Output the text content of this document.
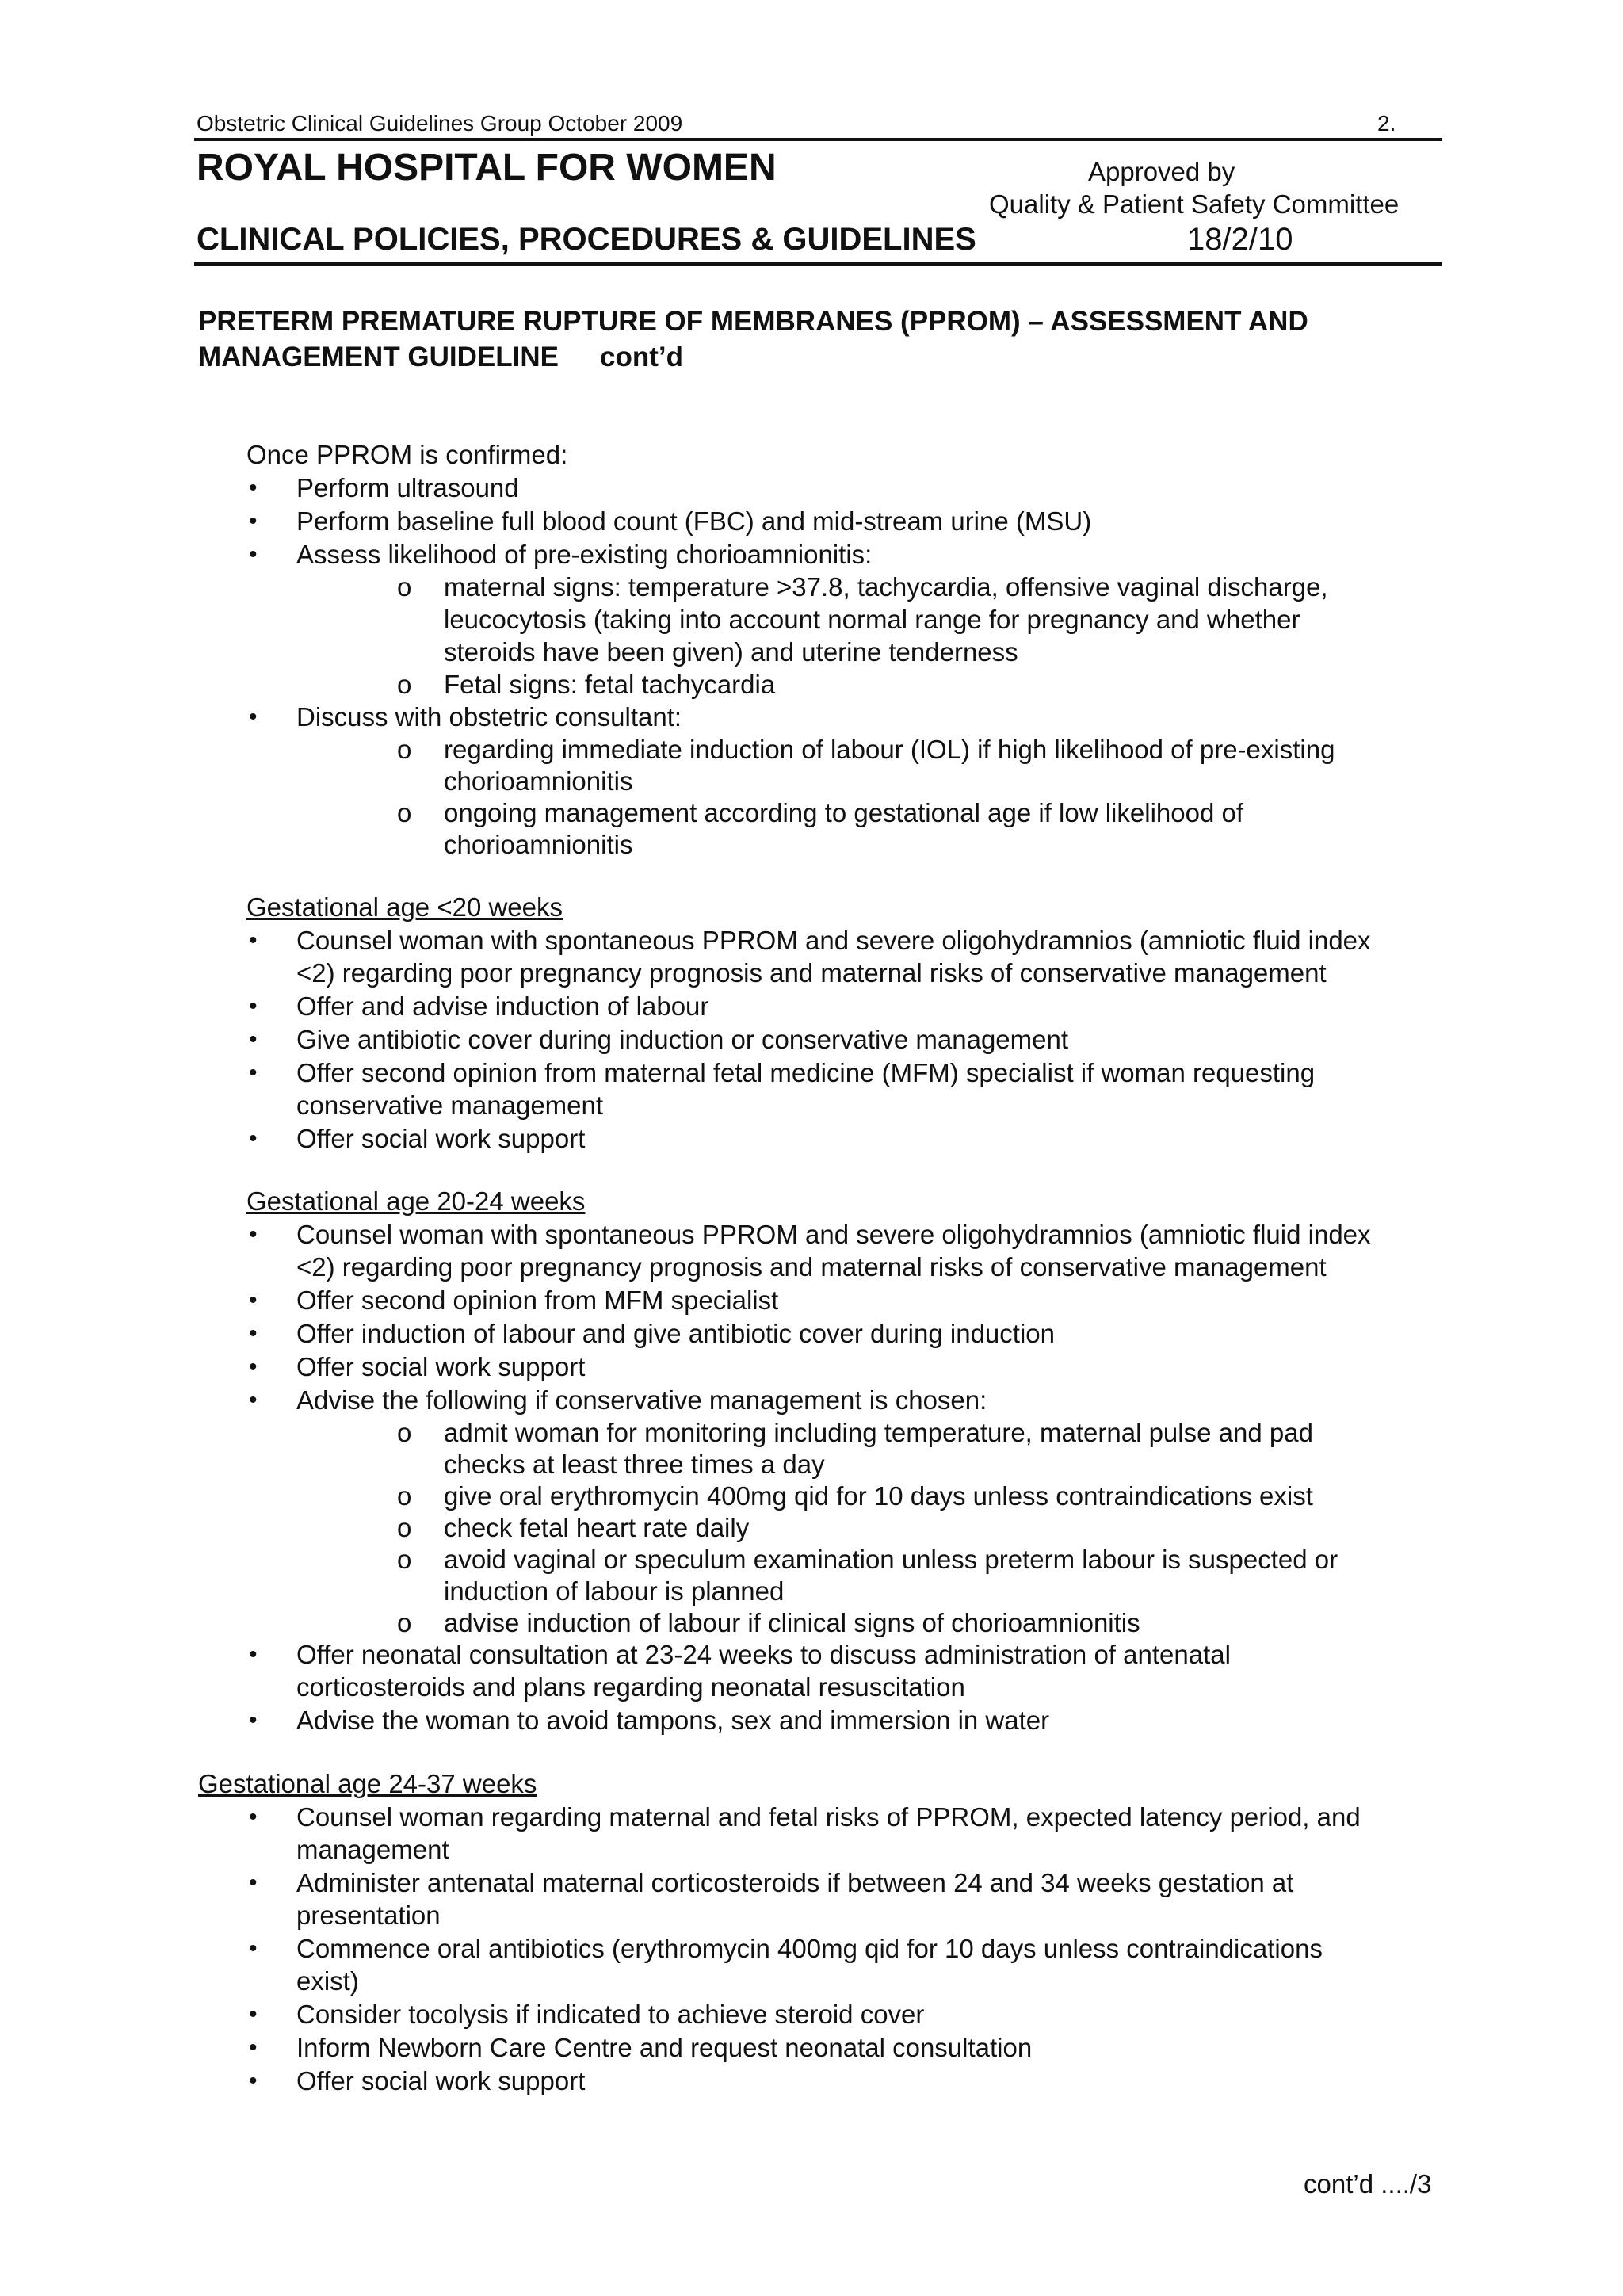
Obstetric Clinical Guidelines Group October 2009	2.
ROYAL HOSPITAL FOR WOMEN	Approved by
Quality & Patient Safety Committee
CLINICAL POLICIES, PROCEDURES & GUIDELINES	18/2/10
PRETERM PREMATURE RUPTURE OF MEMBRANES (PPROM) – ASSESSMENT AND
MANAGEMENT GUIDELINE cont’d
Once PPROM is confirmed:
• Perform ultrasound
• Perform baseline full blood count (FBC) and mid-stream urine (MSU)
• Assess likelihood of pre-existing chorioamnionitis:
o maternal signs: temperature >37.8, tachycardia, offensive vaginal discharge,
leucocytosis (taking into account normal range for pregnancy and whether
steroids have been given) and uterine tenderness
o Fetal signs: fetal tachycardia
• Discuss with obstetric consultant:
o regarding immediate induction of labour (IOL) if high likelihood of pre-existing
chorioamnionitis
o ongoing management according to gestational age if low likelihood of
chorioamnionitis
Gestational age <20 weeks
• Counsel woman with spontaneous PPROM and severe oligohydramnios (amniotic fluid index
<2) regarding poor pregnancy prognosis and maternal risks of conservative management
• Offer and advise induction of labour
• Give antibiotic cover during induction or conservative management
• Offer second opinion from maternal fetal medicine (MFM) specialist if woman requesting
conservative management
• Offer social work support
Gestational age 20-24 weeks
• Counsel woman with spontaneous PPROM and severe oligohydramnios (amniotic fluid index
<2) regarding poor pregnancy prognosis and maternal risks of conservative management
• Offer second opinion from MFM specialist
• Offer induction of labour and give antibiotic cover during induction
• Offer social work support
• Advise the following if conservative management is chosen:
o admit woman for monitoring including temperature, maternal pulse and pad
checks at least three times a day
o give oral erythromycin 400mg qid for 10 days unless contraindications exist
o check fetal heart rate daily
o avoid vaginal or speculum examination unless preterm labour is suspected or
induction of labour is planned
o advise induction of labour if clinical signs of chorioamnionitis
• Offer neonatal consultation at 23-24 weeks to discuss administration of antenatal
corticosteroids and plans regarding neonatal resuscitation
• Advise the woman to avoid tampons, sex and immersion in water
Gestational age 24-37 weeks
• Counsel woman regarding maternal and fetal risks of PPROM, expected latency period, and
management
• Administer antenatal maternal corticosteroids if between 24 and 34 weeks gestation at
presentation
• Commence oral antibiotics (erythromycin 400mg qid for 10 days unless contraindications
exist)
• Consider tocolysis if indicated to achieve steroid cover
• Inform Newborn Care Centre and request neonatal consultation
• Offer social work support
cont’d ..../3
